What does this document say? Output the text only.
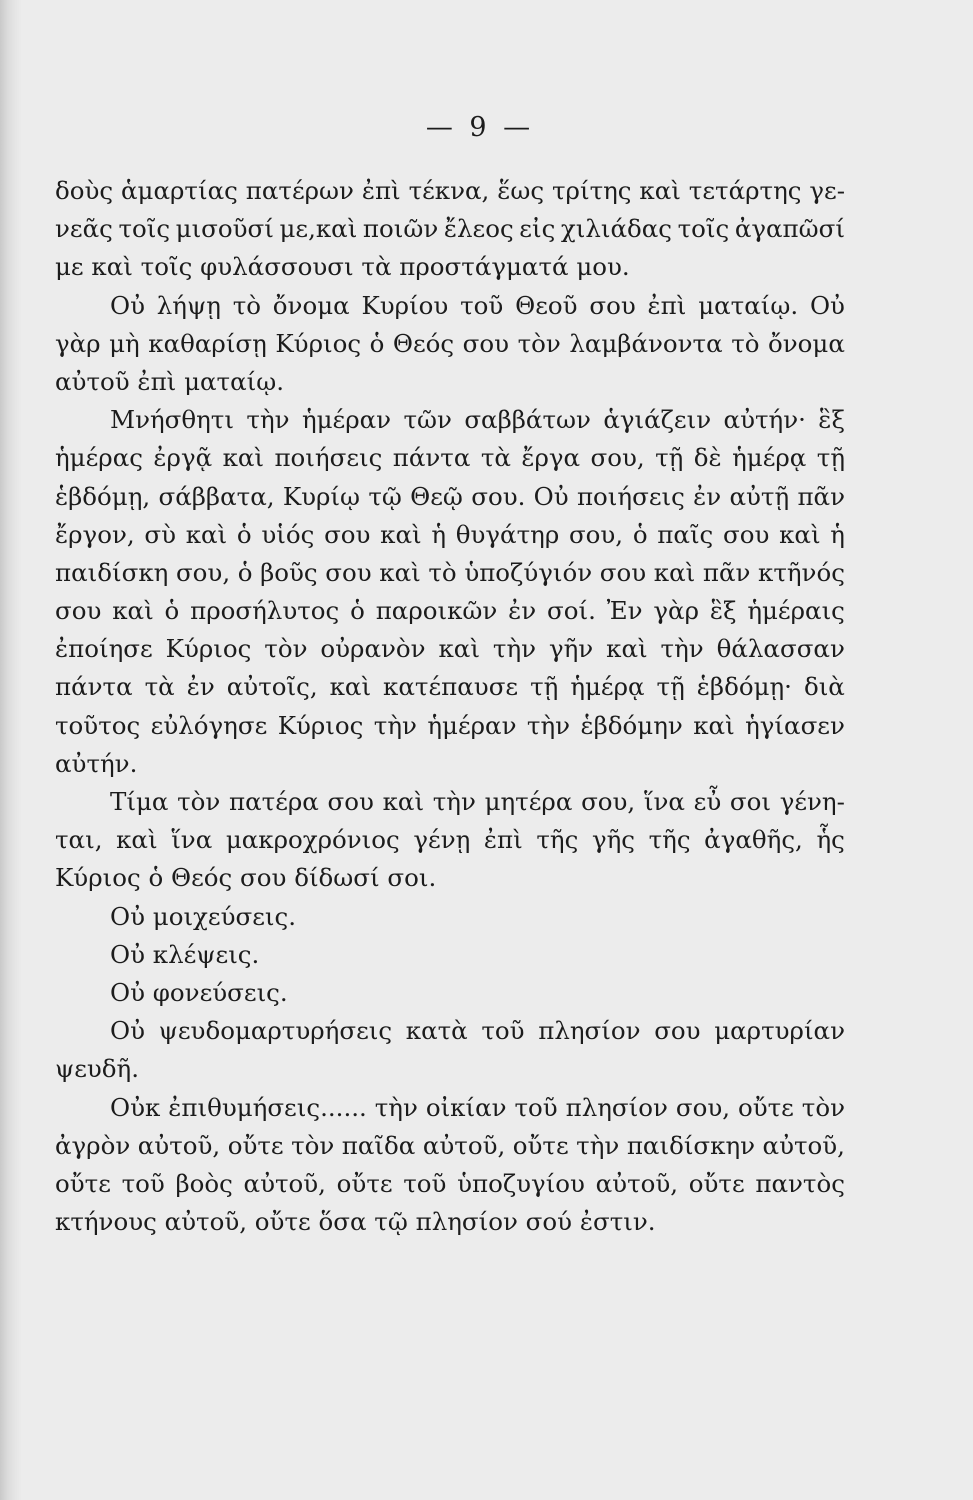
— 9 —
δοὺς ἁμαρτίας πατέρων ἐπὶ τέκνα, ἕως τρίτης καὶ τετάρτης γε-
νεᾶς τοῖς μισοῦσί με,καὶ ποιῶν ἔλεος εἰς χιλιάδας τοῖς ἀγαπῶσί
με καὶ τοῖς φυλάσσουσι τὰ προστάγματά μου.
Οὐ λήψῃ τὸ ὄνομα Κυρίου τοῦ Θεοῦ σου ἐπὶ ματαίῳ. Οὐ
γὰρ μὴ καθαρίσῃ Κύριος ὁ Θεός σου τὸν λαμβάνοντα τὸ ὄνομα
αὐτοῦ ἐπὶ ματαίῳ.
Μνήσθητι τὴν ἡμέραν τῶν σαββάτων ἁγιάζειν αὐτήν· ἓξ
ἡμέρας ἐργᾷ καὶ ποιήσεις πάντα τὰ ἔργα σου, τῇ δὲ ἡμέρᾳ τῇ
ἑβδόμῃ, σάββατα, Κυρίῳ τῷ Θεῷ σου. Οὐ ποιήσεις ἐν αὐτῇ πᾶν
ἔργον, σὺ καὶ ὁ υἱός σου καὶ ἡ θυγάτηρ σου, ὁ παῖς σου καὶ ἡ
παιδίσκη σου, ὁ βοῦς σου καὶ τὸ ὑποζύγιόν σου καὶ πᾶν κτῆνός
σου καὶ ὁ προσήλυτος ὁ παροικῶν ἐν σοί. Ἐν γὰρ ἓξ ἡμέραις
ἐποίησε Κύριος τὸν οὐρανὸν καὶ τὴν γῆν καὶ τὴν θάλασσαν
πάντα τὰ ἐν αὐτοῖς, καὶ κατέπαυσε τῇ ἡμέρᾳ τῇ ἑβδόμῃ· διὰ
τοῦτος εὐλόγησε Κύριος τὴν ἡμέραν τὴν ἑβδόμην καὶ ἡγίασεν
αὐτήν.
Τίμα τὸν πατέρα σου καὶ τὴν μητέρα σου, ἵνα εὖ σοι γένη-
ται, καὶ ἵνα μακροχρόνιος γένῃ ἐπὶ τῆς γῆς τῆς ἀγαθῆς, ἧς
Κύριος ὁ Θεός σου δίδωσί σοι.
Οὐ μοιχεύσεις.
Οὐ κλέψεις.
Οὐ φονεύσεις.
Οὐ ψευδομαρτυρήσεις κατὰ τοῦ πλησίον σου μαρτυρίαν
ψευδῆ.
Οὐκ ἐπιθυμήσεις...... τὴν οἰκίαν τοῦ πλησίον σου, οὔτε τὸν
ἀγρὸν αὐτοῦ, οὔτε τὸν παῖδα αὐτοῦ, οὔτε τὴν παιδίσκην αὐτοῦ,
οὔτε τοῦ βοὸς αὐτοῦ, οὔτε τοῦ ὑποζυγίου αὐτοῦ, οὔτε παντὸς
κτήνους αὐτοῦ, οὔτε ὅσα τῷ πλησίον σού ἐστιν.
